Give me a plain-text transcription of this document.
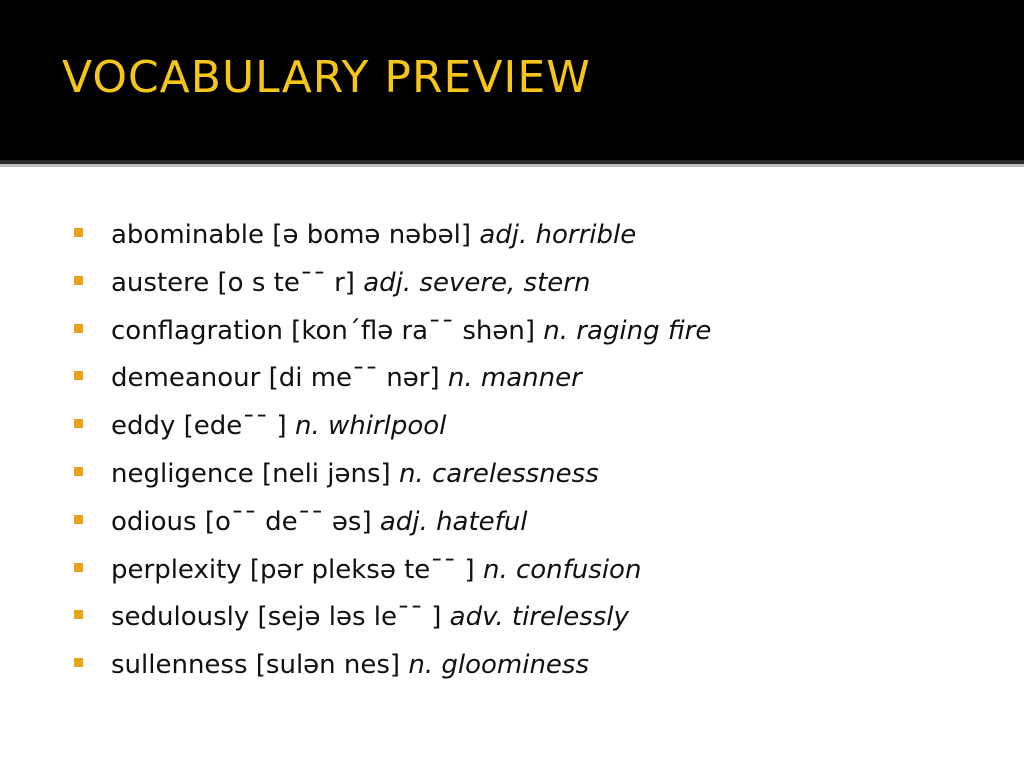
VOCABULARY PREVIEW
abominable [ə bomə nəbəl] adj. horrible
austere [o s te¯¯ r] adj. severe, stern
conflagration [kon´flə ra¯¯ shən] n. raging fire
demeanour [di me¯¯ nər] n. manner
eddy [ede¯¯ ] n. whirlpool
negligence [neli jəns] n. carelessness
odious [o¯¯ de¯¯ əs] adj. hateful
perplexity [pər pleksə te¯¯ ] n. confusion
sedulously [sejə ləs le¯¯ ] adv. tirelessly
sullenness [sulən nes] n. gloominess
